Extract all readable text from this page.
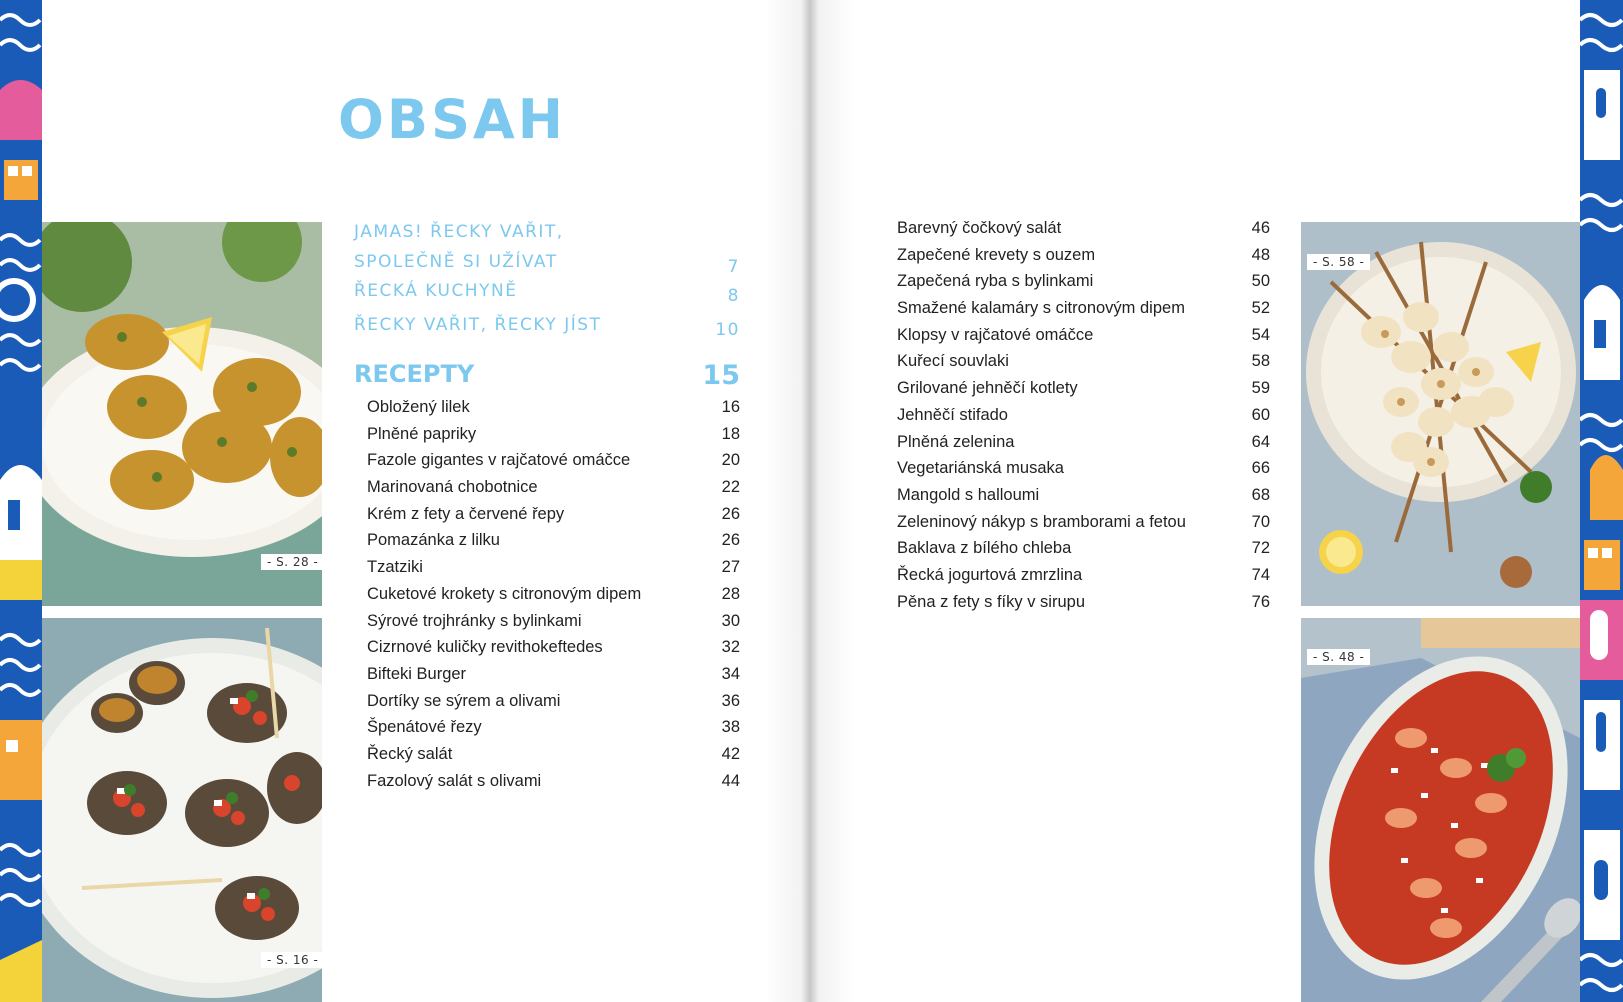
OBSAH
JAMAS! ŘECKY VAŘIT,
SPOLEČNĚ SI UŽÍVAT	7
ŘECKÁ KUCHYNĚ	8
ŘECKY VAŘIT, ŘECKY JÍST	10
RECEPTY	15
Obložený lilek	16
Plněné papriky	18
Fazole gigantes v rajčatové omáčce	20
Marinovaná chobotnice	22
Krém z fety a červené řepy	26
Pomazánka z lilku	26
Tzatziki	27
Cuketové krokety s citronovým dipem	28
Sýrové trojhránky s bylinkami	30
Cizrnové kuličky revithokeftedes	32
Bifteki Burger	34
Dortíky se sýrem a olivami	36
Špenátové řezy	38
Řecký salát	42
Fazolový salát s olivami	44
Barevný čočkový salát	46
Zapečené krevety s ouzem	48
Zapečená ryba s bylinkami	50
Smažené kalamáry s citronovým dipem	52
Klopsy v rajčatové omáčce	54
Kuřecí souvlaki	58
Grilované jehněčí kotlety	59
Jehněčí stifado	60
Plněná zelenina	64
Vegetariánská musaka	66
Mangold s halloumi	68
Zeleninový nákyp s bramborami a fetou	70
Baklava z bílého chleba	72
Řecká jogurtová zmrzlina	74
Pěna z fety s fíky v sirupu	76
- S. 28 -
- S. 16 -
- S. 58 -
- S. 48 -
